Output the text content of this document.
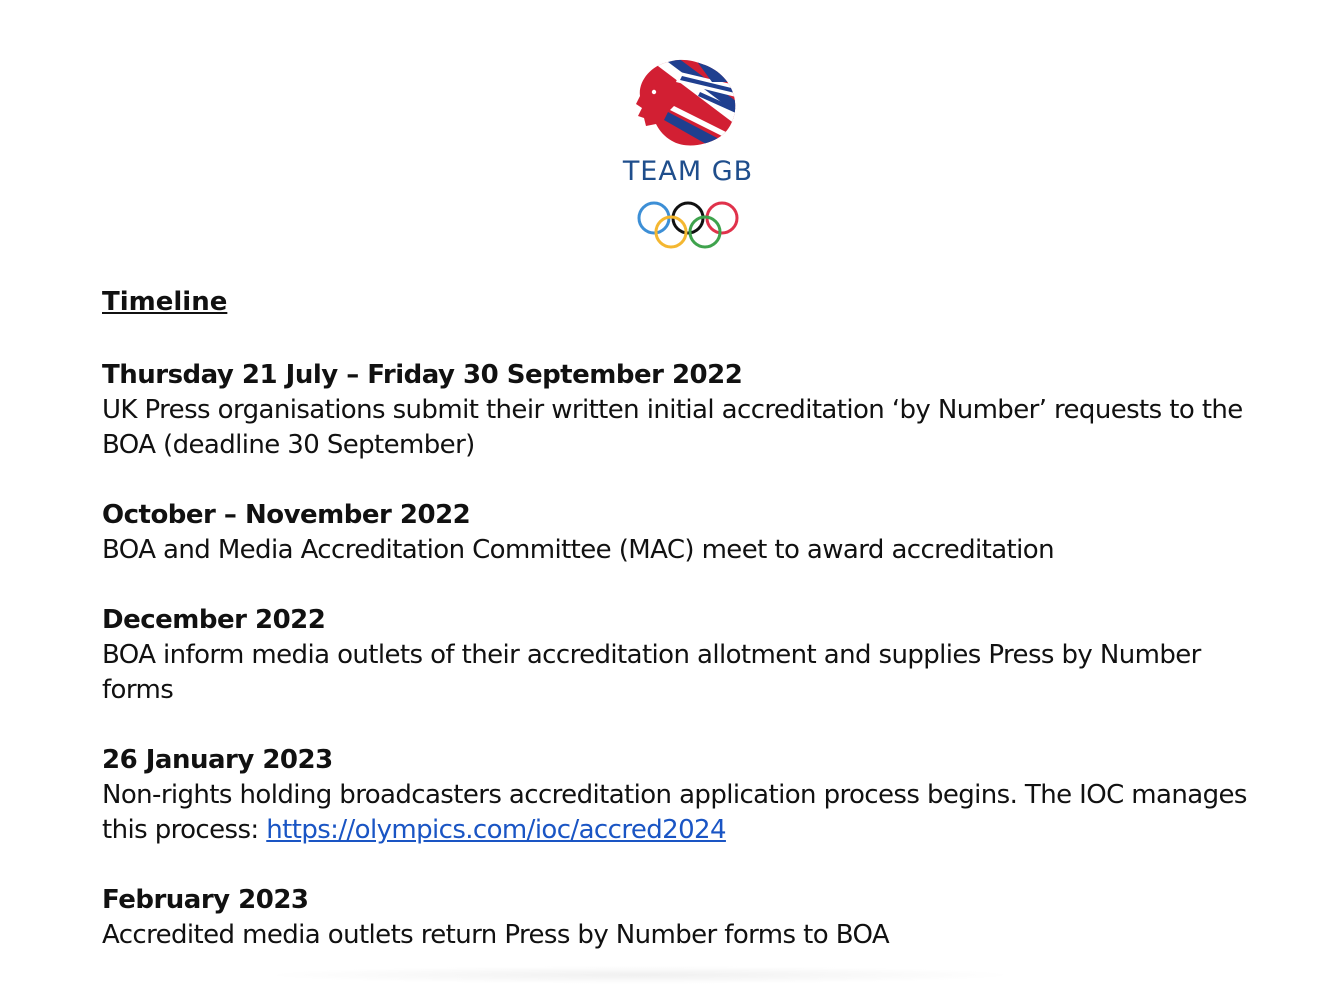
TEAM GB
Timeline
Thursday 21 July – Friday 30 September 2022
UK Press organisations submit their written initial accreditation ‘by Number’ requests to the BOA (deadline 30 September)
October – November 2022
BOA and Media Accreditation Committee (MAC) meet to award accreditation
December 2022
BOA inform media outlets of their accreditation allotment and supplies Press by Number forms
26 January 2023
Non-rights holding broadcasters accreditation application process begins. The IOC manages this process: https://olympics.com/ioc/accred2024
February 2023
Accredited media outlets return Press by Number forms to BOA
